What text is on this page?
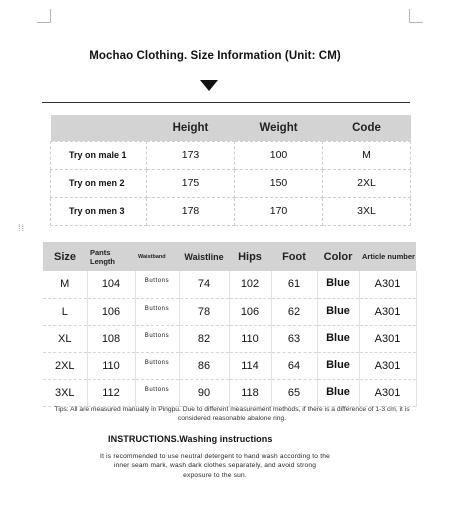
Mochao Clothing. Size Information (Unit: CM)
	Height	Weight	Code
Try on male 1	173	100	M
Try on men 2	175	150	2XL
Try on men 3	178	170	3XL
⁞⁞
Size	Pants Length	Waistband	Waistline	Hips	Foot	Color	Article number
M	104	Buttons	74	102	61	Blue	A301
L	106	Buttons	78	106	62	Blue	A301
XL	108	Buttons	82	110	63	Blue	A301
2XL	110	Buttons	86	114	64	Blue	A301
3XL	112	Buttons	90	118	65	Blue	A301
Tips: All are measured manually in Pingpu. Due to different measurement methods, if there is a difference of 1-3 cm, it is considered reasonable abalone ring.
INSTRUCTIONS.Washing instructions
It is recommended to use neutral detergent to hand wash according to the inner seam mark, wash dark clothes separately, and avoid strong exposure to the sun.
